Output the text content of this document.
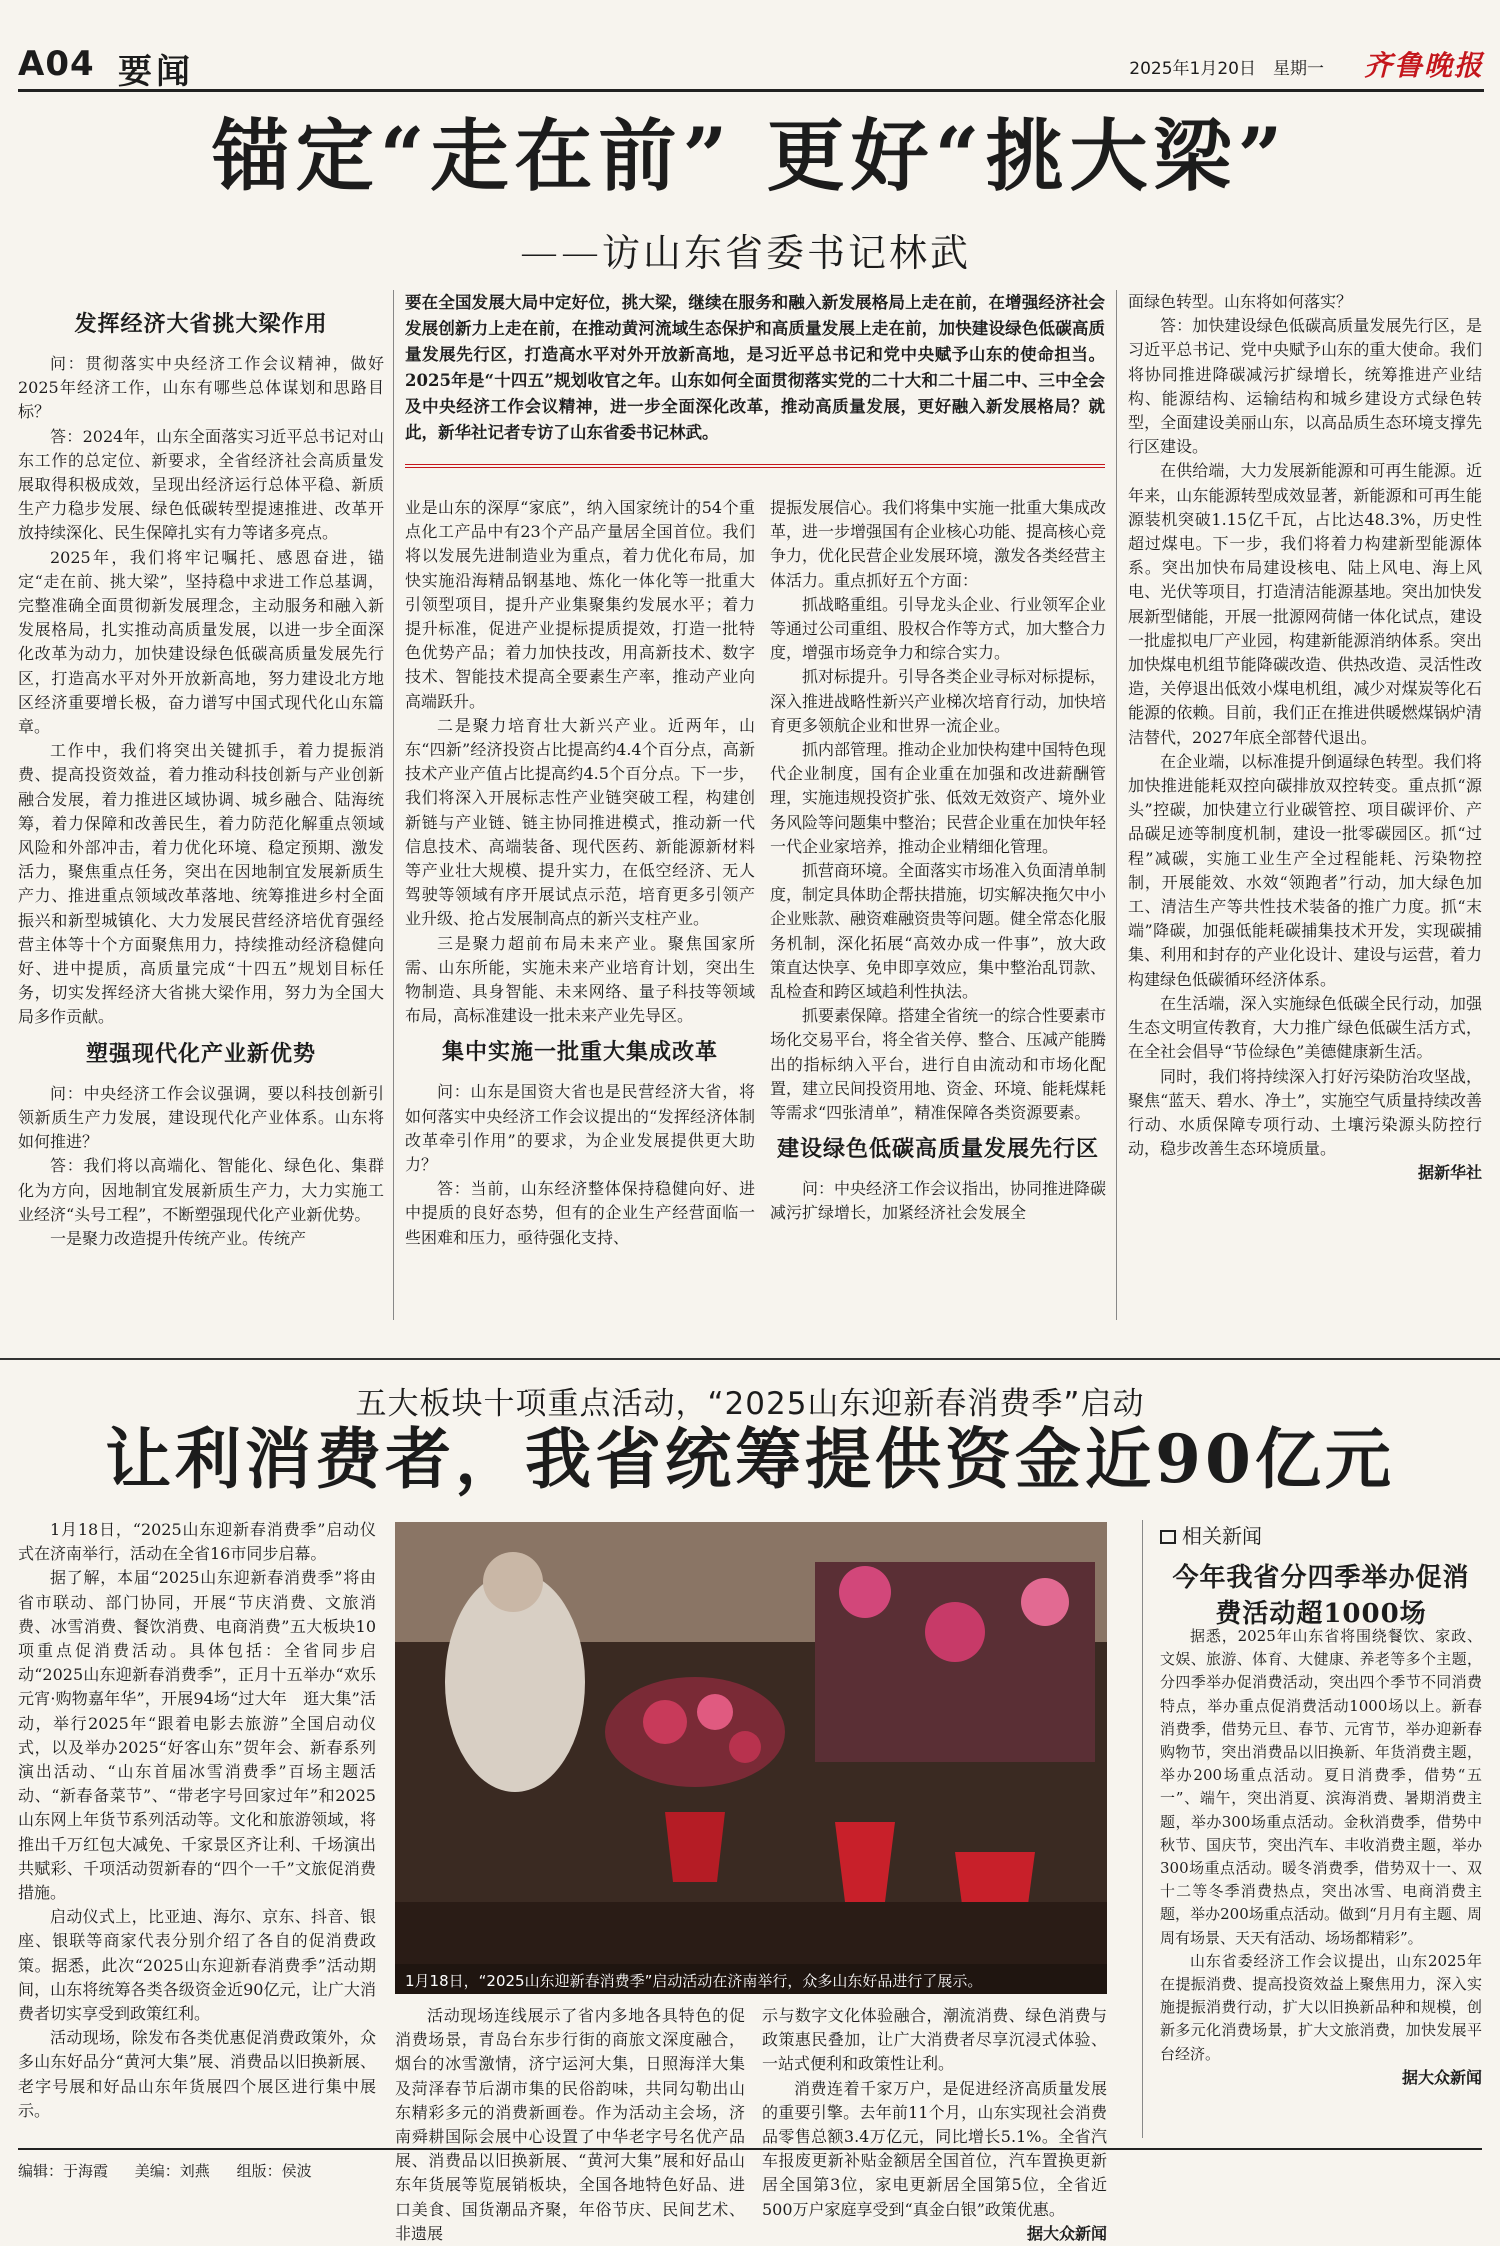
A04 要闻	2025年1月20日　星期一 齐鲁晚报
锚定“走在前” 更好“挑大梁”
——访山东省委书记林武
要在全国发展大局中定好位，挑大梁，继续在服务和融入新发展格局上走在前，在增强经济社会发展创新力上走在前，在推动黄河流域生态保护和高质量发展上走在前，加快建设绿色低碳高质量发展先行区，打造高水平对外开放新高地，是习近平总书记和党中央赋予山东的使命担当。 2025年是“十四五”规划收官之年。山东如何全面贯彻落实党的二十大和二十届二中、三中全会及中央经济工作会议精神，进一步全面深化改革，推动高质量发展，更好融入新发展格局？就此，新华社记者专访了山东省委书记林武。
发挥经济大省挑大梁作用

问：贯彻落实中央经济工作会议精神，做好2025年经济工作，山东有哪些总体谋划和思路目标？

答：2024年，山东全面落实习近平总书记对山东工作的总定位、新要求，全省经济社会高质量发展取得积极成效，呈现出经济运行总体平稳、新质生产力稳步发展、绿色低碳转型提速推进、改革开放持续深化、民生保障扎实有力等诸多亮点。

2025年，我们将牢记嘱托、感恩奋进，锚定“走在前、挑大梁”，坚持稳中求进工作总基调，完整准确全面贯彻新发展理念，主动服务和融入新发展格局，扎实推动高质量发展，以进一步全面深化改革为动力，加快建设绿色低碳高质量发展先行区，打造高水平对外开放新高地，努力建设北方地区经济重要增长极，奋力谱写中国式现代化山东篇章。

工作中，我们将突出关键抓手，着力提振消费、提高投资效益，着力推动科技创新与产业创新融合发展，着力推进区域协调、城乡融合、陆海统筹，着力保障和改善民生，着力防范化解重点领域风险和外部冲击，着力优化环境、稳定预期、激发活力，聚焦重点任务，突出在因地制宜发展新质生产力、推进重点领域改革落地、统筹推进乡村全面振兴和新型城镇化、大力发展民营经济培优育强经营主体等十个方面聚焦用力，持续推动经济稳健向好、进中提质，高质量完成“十四五”规划目标任务，切实发挥经济大省挑大梁作用，努力为全国大局多作贡献。

塑强现代化产业新优势

问：中央经济工作会议强调，要以科技创新引领新质生产力发展，建设现代化产业体系。山东将如何推进？

答：我们将以高端化、智能化、绿色化、集群化为方向，因地制宜发展新质生产力，大力实施工业经济“头号工程”，不断塑强现代化产业新优势。

一是聚力改造提升传统产业。传统产

业是山东的深厚“家底”，纳入国家统计的54个重点化工产品中有23个产品产量居全国首位。我们将以发展先进制造业为重点，着力优化布局，加快实施沿海精品钢基地、炼化一体化等一批重大引领型项目，提升产业集聚集约发展水平；着力提升标准，促进产业提标提质提效，打造一批特色优势产品；着力加快技改，用高新技术、数字技术、智能技术提高全要素生产率，推动产业向高端跃升。

二是聚力培育壮大新兴产业。近两年，山东“四新”经济投资占比提高约4.4个百分点，高新技术产业产值占比提高约4.5个百分点。下一步，我们将深入开展标志性产业链突破工程，构建创新链与产业链、链主协同推进模式，推动新一代信息技术、高端装备、现代医药、新能源新材料等产业壮大规模、提升实力，在低空经济、无人驾驶等领域有序开展试点示范，培育更多引领产业升级、抢占发展制高点的新兴支柱产业。

三是聚力超前布局未来产业。聚焦国家所需、山东所能，实施未来产业培育计划，突出生物制造、具身智能、未来网络、量子科技等领域布局，高标准建设一批未来产业先导区。

集中实施一批重大集成改革

问：山东是国资大省也是民营经济大省，将如何落实中央经济工作会议提出的“发挥经济体制改革牵引作用”的要求，为企业发展提供更大助力？

答：当前，山东经济整体保持稳健向好、进中提质的良好态势，但有的企业生产经营面临一些困难和压力，亟待强化支持、

提振发展信心。我们将集中实施一批重大集成改革，进一步增强国有企业核心功能、提高核心竞争力，优化民营企业发展环境，激发各类经营主体活力。重点抓好五个方面：

抓战略重组。引导龙头企业、行业领军企业等通过公司重组、股权合作等方式，加大整合力度，增强市场竞争力和综合实力。

抓对标提升。引导各类企业寻标对标提标，深入推进战略性新兴产业梯次培育行动，加快培育更多领航企业和世界一流企业。

抓内部管理。推动企业加快构建中国特色现代企业制度，国有企业重在加强和改进薪酬管理，实施违规投资扩张、低效无效资产、境外业务风险等问题集中整治；民营企业重在加快年轻一代企业家培养，推动企业精细化管理。

抓营商环境。全面落实市场准入负面清单制度，制定具体助企帮扶措施，切实解决拖欠中小企业账款、融资难融资贵等问题。健全常态化服务机制，深化拓展“高效办成一件事”，放大政策直达快享、免申即享效应，集中整治乱罚款、乱检查和跨区域趋利性执法。

抓要素保障。搭建全省统一的综合性要素市场化交易平台，将全省关停、整合、压减产能腾出的指标纳入平台，进行自由流动和市场化配置，建立民间投资用地、资金、环境、能耗煤耗等需求“四张清单”，精准保障各类资源要素。

建设绿色低碳高质量发展先行区

问：中央经济工作会议指出，协同推进降碳减污扩绿增长，加紧经济社会发展全

面绿色转型。山东将如何落实？

答：加快建设绿色低碳高质量发展先行区，是习近平总书记、党中央赋予山东的重大使命。我们将协同推进降碳减污扩绿增长，统筹推进产业结构、能源结构、运输结构和城乡建设方式绿色转型，全面建设美丽山东，以高品质生态环境支撑先行区建设。

在供给端，大力发展新能源和可再生能源。近年来，山东能源转型成效显著，新能源和可再生能源装机突破1.15亿千瓦，占比达48.3%，历史性超过煤电。下一步，我们将着力构建新型能源体系。突出加快布局建设核电、陆上风电、海上风电、光伏等项目，打造清洁能源基地。突出加快发展新型储能，开展一批源网荷储一体化试点，建设一批虚拟电厂产业园，构建新能源消纳体系。突出加快煤电机组节能降碳改造、供热改造、灵活性改造，关停退出低效小煤电机组，减少对煤炭等化石能源的依赖。目前，我们正在推进供暖燃煤锅炉清洁替代，2027年底全部替代退出。

在企业端，以标准提升倒逼绿色转型。我们将加快推进能耗双控向碳排放双控转变。重点抓“源头”控碳，加快建立行业碳管控、项目碳评价、产品碳足迹等制度机制，建设一批零碳园区。抓“过程”减碳，实施工业生产全过程能耗、污染物控制，开展能效、水效“领跑者”行动，加大绿色加工、清洁生产等共性技术装备的推广力度。抓“末端”降碳，加强低能耗碳捕集技术开发，实现碳捕集、利用和封存的产业化设计、建设与运营，着力构建绿色低碳循环经济体系。

在生活端，深入实施绿色低碳全民行动，加强生态文明宣传教育，大力推广绿色低碳生活方式，在全社会倡导“节俭绿色”美德健康新生活。

同时，我们将持续深入打好污染防治攻坚战，聚焦“蓝天、碧水、净土”，实施空气质量持续改善行动、水质保障专项行动、土壤污染源头防控行动，稳步改善生态环境质量。

据新华社
五大板块十项重点活动，“2025山东迎新春消费季”启动
让利消费者，我省统筹提供资金近90亿元

1月18日，“2025山东迎新春消费季”启动仪式在济南举行，活动在全省16市同步启幕。

据了解，本届“2025山东迎新春消费季”将由省市联动、部门协同，开展“节庆消费、文旅消费、冰雪消费、餐饮消费、电商消费”五大板块10项重点促消费活动。具体包括：全省同步启动“2025山东迎新春消费季”，正月十五举办“欢乐元宵·购物嘉年华”，开展94场“过大年　逛大集”活动，举行2025年“跟着电影去旅游”全国启动仪式，以及举办2025“好客山东”贺年会、新春系列演出活动、“山东首届冰雪消费季”百场主题活动、“新春备菜节”、“带老字号回家过年”和2025山东网上年货节系列活动等。文化和旅游领域，将推出千万红包大减免、千家景区齐让利、千场演出共赋彩、千项活动贺新春的“四个一千”文旅促消费措施。

启动仪式上，比亚迪、海尔、京东、抖音、银座、银联等商家代表分别介绍了各自的促消费政策。据悉，此次“2025山东迎新春消费季”活动期间，山东将统筹各类各级资金近90亿元，让广大消费者切实享受到政策红利。

活动现场，除发布各类优惠促消费政策外，众多山东好品分“黄河大集”展、消费品以旧换新展、老字号展和好品山东年货展四个展区进行集中展示。

1月18日，“2025山东迎新春消费季”启动活动在济南举行，众多山东好品进行了展示。

活动现场连线展示了省内多地各具特色的促消费场景，青岛台东步行街的商旅文深度融合，烟台的冰雪激情，济宁运河大集，日照海洋大集及菏泽春节后湖市集的民俗韵味，共同勾勒出山东精彩多元的消费新画卷。作为活动主会场，济南舜耕国际会展中心设置了中华老字号名优产品展、消费品以旧换新展、“黄河大集”展和好品山东年货展等览展销板块，全国各地特色好品、进口美食、国货潮品齐聚，年俗节庆、民间艺术、非遗展

示与数字文化体验融合，潮流消费、绿色消费与政策惠民叠加，让广大消费者尽享沉浸式体验、一站式便利和政策性让利。

消费连着千家万户，是促进经济高质量发展的重要引擎。去年前11个月，山东实现社会消费品零售总额3.4万亿元，同比增长5.1%。全省汽车报废更新补贴金额居全国首位，汽车置换更新居全国第3位，家电更新居全国第5位，全省近500万户家庭享受到“真金白银”政策优惠。

据大众新闻
相关新闻
今年我省分四季举办促消费活动超1000场

据悉，2025年山东省将围绕餐饮、家政、文娱、旅游、体育、大健康、养老等多个主题，分四季举办促消费活动，突出四个季节不同消费特点，举办重点促消费活动1000场以上。新春消费季，借势元旦、春节、元宵节，举办迎新春购物节，突出消费品以旧换新、年货消费主题，举办200场重点活动。夏日消费季，借势“五一”、端午，突出消夏、滨海消费、暑期消费主题，举办300场重点活动。金秋消费季，借势中秋节、国庆节，突出汽车、丰收消费主题，举办300场重点活动。暖冬消费季，借势双十一、双十二等冬季消费热点，突出冰雪、电商消费主题，举办200场重点活动。做到“月月有主题、周周有场景、天天有活动、场场都精彩”。

山东省委经济工作会议提出，山东2025年在提振消费、提高投资效益上聚焦用力，深入实施提振消费行动，扩大以旧换新品种和规模，创新多元化消费场景，扩大文旅消费，加快发展平台经济。

据大众新闻
编辑：于海霞 美编：刘燕 组版：侯波
